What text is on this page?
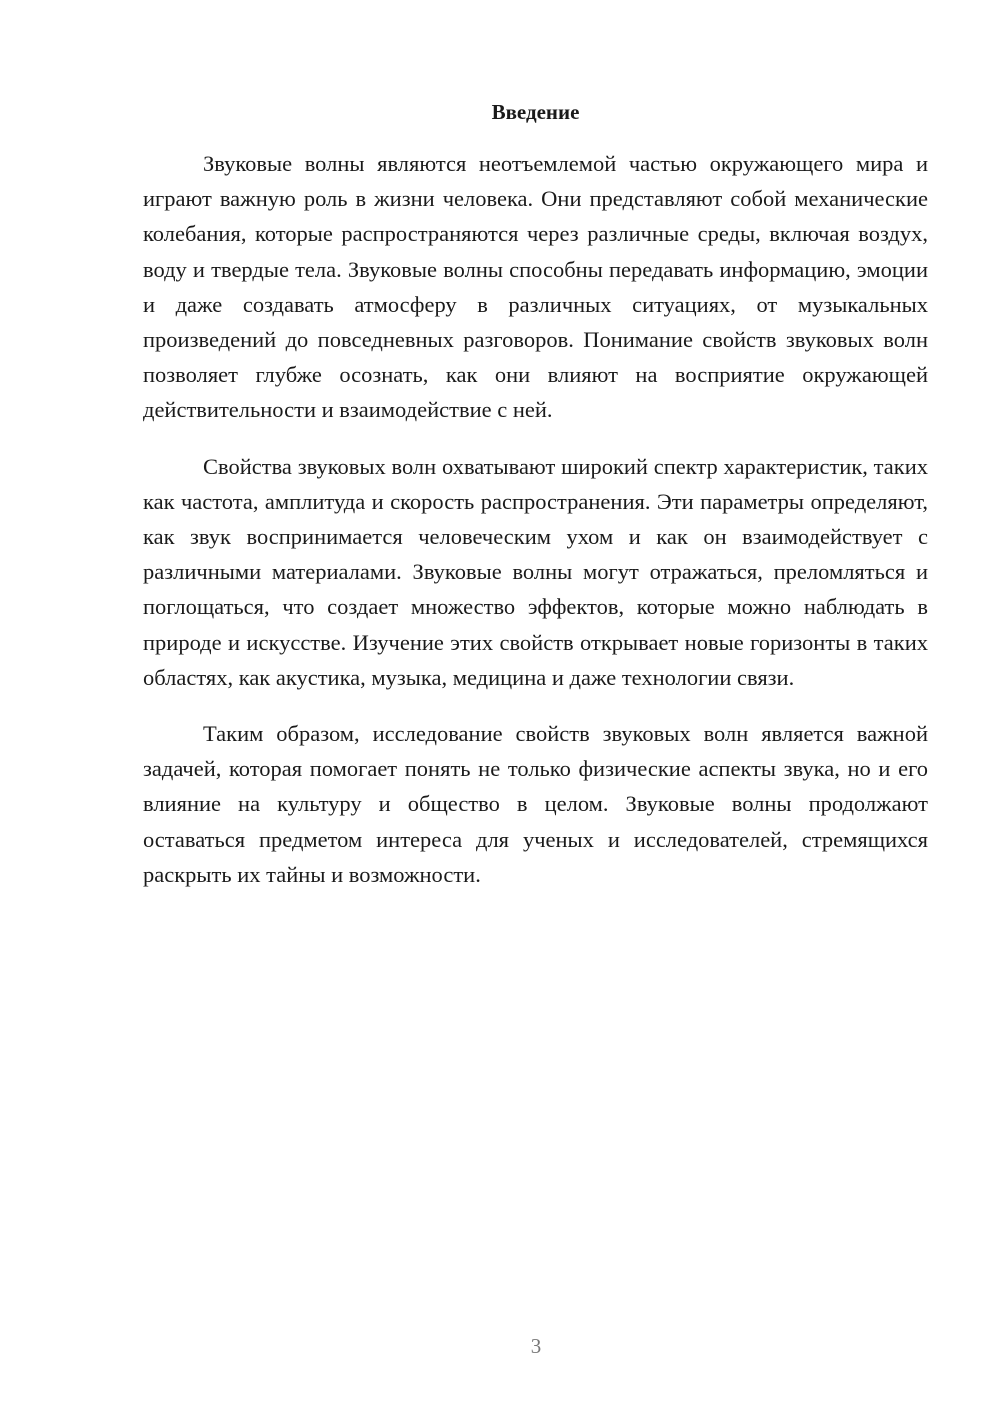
Введение

Звуковые волны являются неотъемлемой частью окружающего мира и играют важную роль в жизни человека. Они представляют собой механические колебания, которые распространяются через различные среды, включая воздух, воду и твердые тела. Звуковые волны способны передавать информацию, эмоции и даже создавать атмосферу в различных ситуациях, от музыкальных произведений до повседневных разговоров. Понимание свойств звуковых волн позволяет глубже осознать, как они влияют на восприятие окружающей действительности и взаимодействие с ней.

Свойства звуковых волн охватывают широкий спектр характеристик, таких как частота, амплитуда и скорость распространения. Эти параметры определяют, как звук воспринимается человеческим ухом и как он взаимодействует с различными материалами. Звуковые волны могут отражаться, преломляться и поглощаться, что создает множество эффектов, которые можно наблюдать в природе и искусстве. Изучение этих свойств открывает новые горизонты в таких областях, как акустика, музыка, медицина и даже технологии связи.

Таким образом, исследование свойств звуковых волн является важной задачей, которая помогает понять не только физические аспекты звука, но и его влияние на культуру и общество в целом. Звуковые волны продолжают оставаться предметом интереса для ученых и исследователей, стремящихся раскрыть их тайны и возможности.

3
